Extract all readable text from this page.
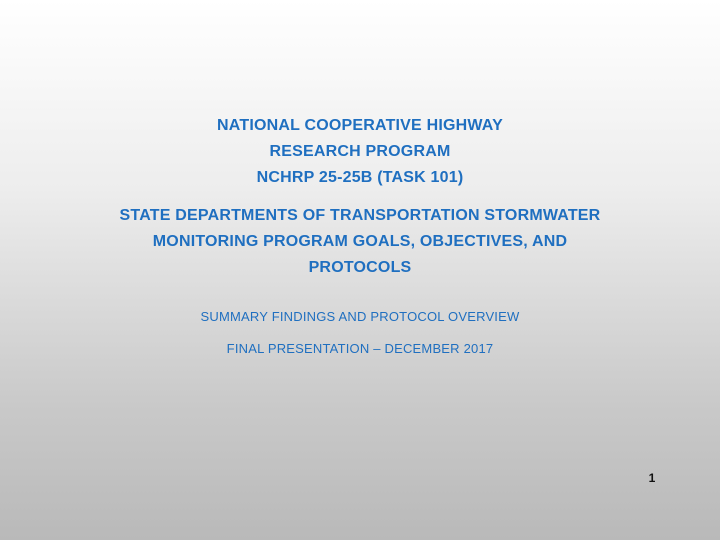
NATIONAL COOPERATIVE HIGHWAY
RESEARCH PROGRAM
NCHRP 25-25B (TASK 101)
STATE DEPARTMENTS OF TRANSPORTATION STORMWATER
MONITORING PROGRAM GOALS, OBJECTIVES, AND
PROTOCOLS
SUMMARY FINDINGS AND PROTOCOL OVERVIEW
FINAL PRESENTATION – DECEMBER 2017
1
